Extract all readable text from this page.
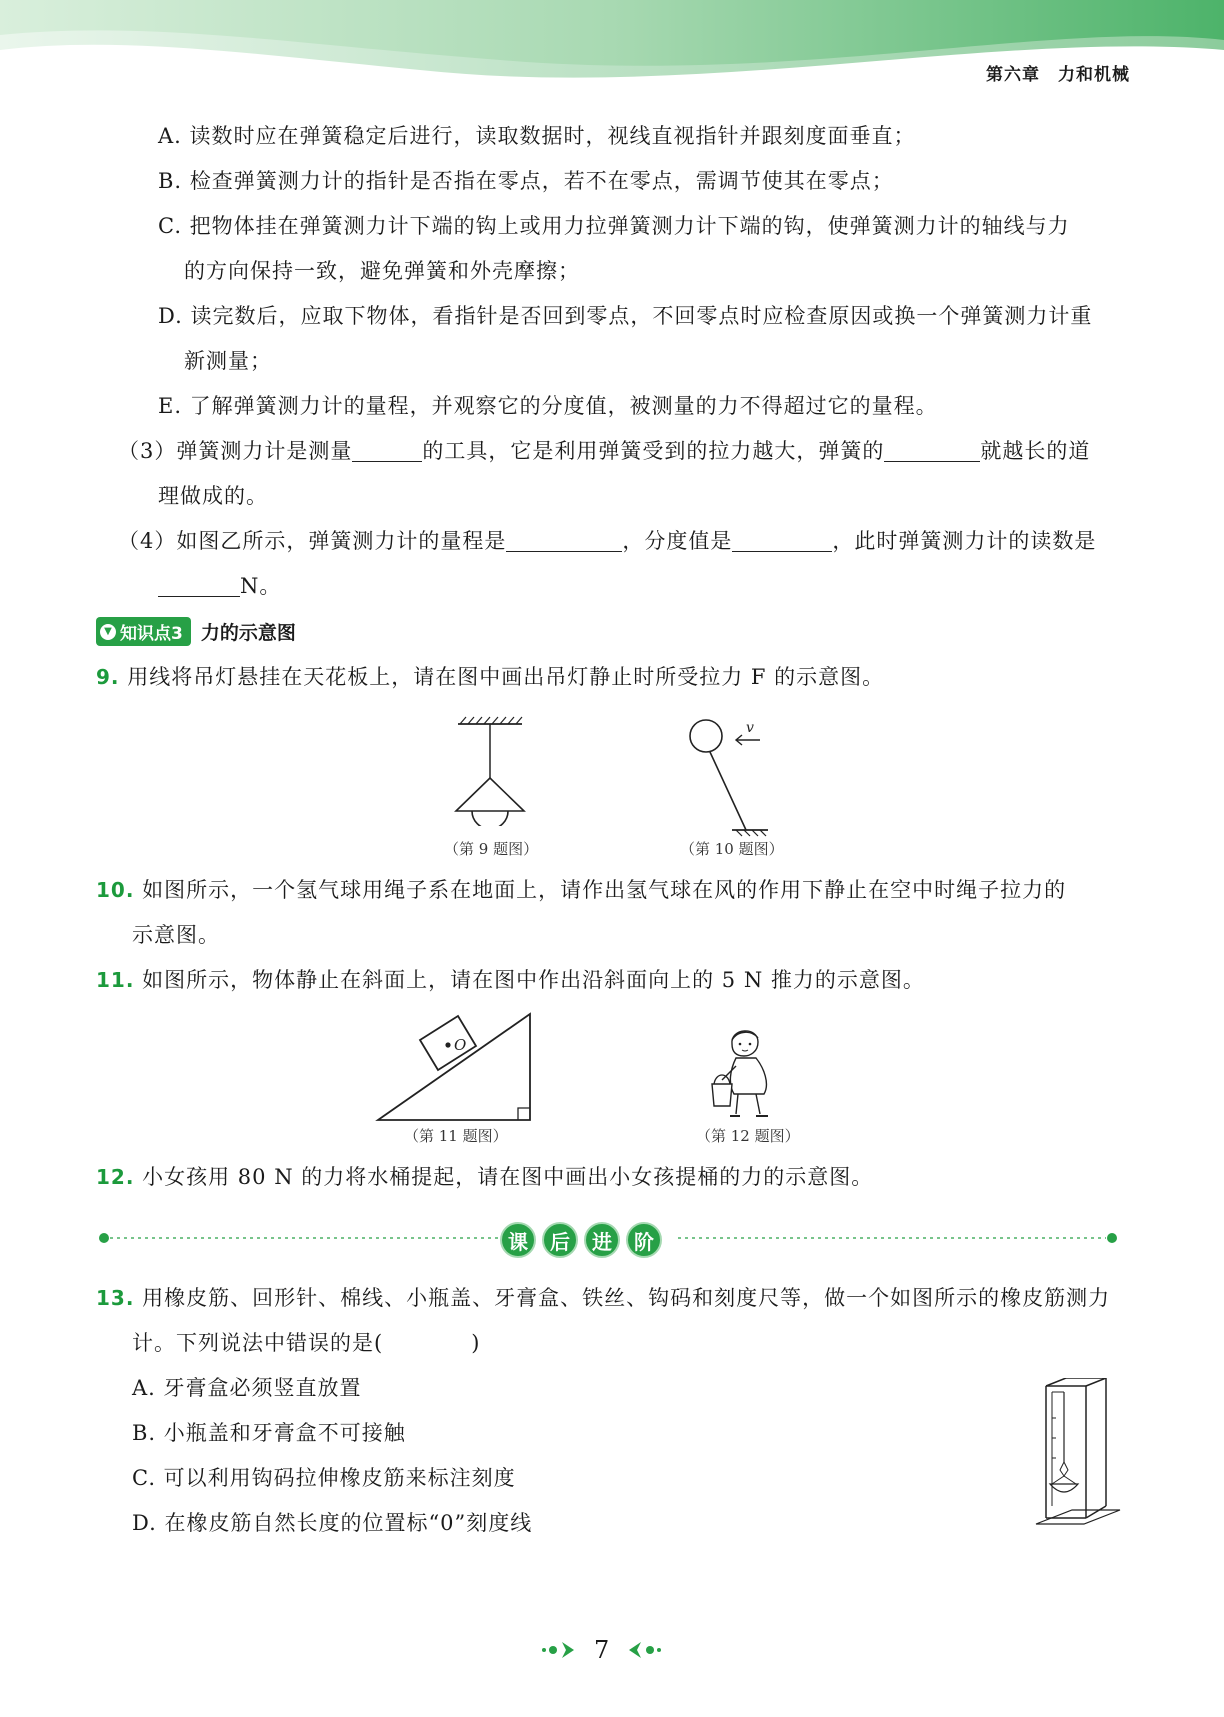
第六章　力和机械
A. 读数时应在弹簧稳定后进行，读取数据时，视线直视指针并跟刻度面垂直；
B. 检查弹簧测力计的指针是否指在零点，若不在零点，需调节使其在零点；
C. 把物体挂在弹簧测力计下端的钩上或用力拉弹簧测力计下端的钩，使弹簧测力计的轴线与力
的方向保持一致，避免弹簧和外壳摩擦；
D. 读完数后，应取下物体，看指针是否回到零点，不回零点时应检查原因或换一个弹簧测力计重
新测量；
E. 了解弹簧测力计的量程，并观察它的分度值，被测量的力不得超过它的量程。
（3）弹簧测力计是测量	的工具，它是利用弹簧受到的拉力越大，弹簧的	就越长的道
理做成的。
（4）如图乙所示，弹簧测力计的量程是	，分度值是	，此时弹簧测力计的读数是
N。
▼ 知识点3 力的示意图
9. 用线将吊灯悬挂在天花板上，请在图中画出吊灯静止时所受拉力 F 的示意图。
（第 9 题图）
v
（第 10 题图）
10. 如图所示，一个氢气球用绳子系在地面上，请作出氢气球在风的作用下静止在空中时绳子拉力的
示意图。
11. 如图所示，物体静止在斜面上，请在图中作出沿斜面向上的 5 N 推力的示意图。
O
（第 11 题图）	（第 12 题图）
12. 小女孩用 80 N 的力将水桶提起，请在图中画出小女孩提桶的力的示意图。
课	后	进	阶
13. 用橡皮筋、回形针、棉线、小瓶盖、牙膏盒、铁丝、钩码和刻度尺等，做一个如图所示的橡皮筋测力
计。下列说法中错误的是(　　　　)
A. 牙膏盒必须竖直放置
B. 小瓶盖和牙膏盒不可接触
C. 可以利用钩码拉伸橡皮筋来标注刻度
D. 在橡皮筋自然长度的位置标“0”刻度线
7
